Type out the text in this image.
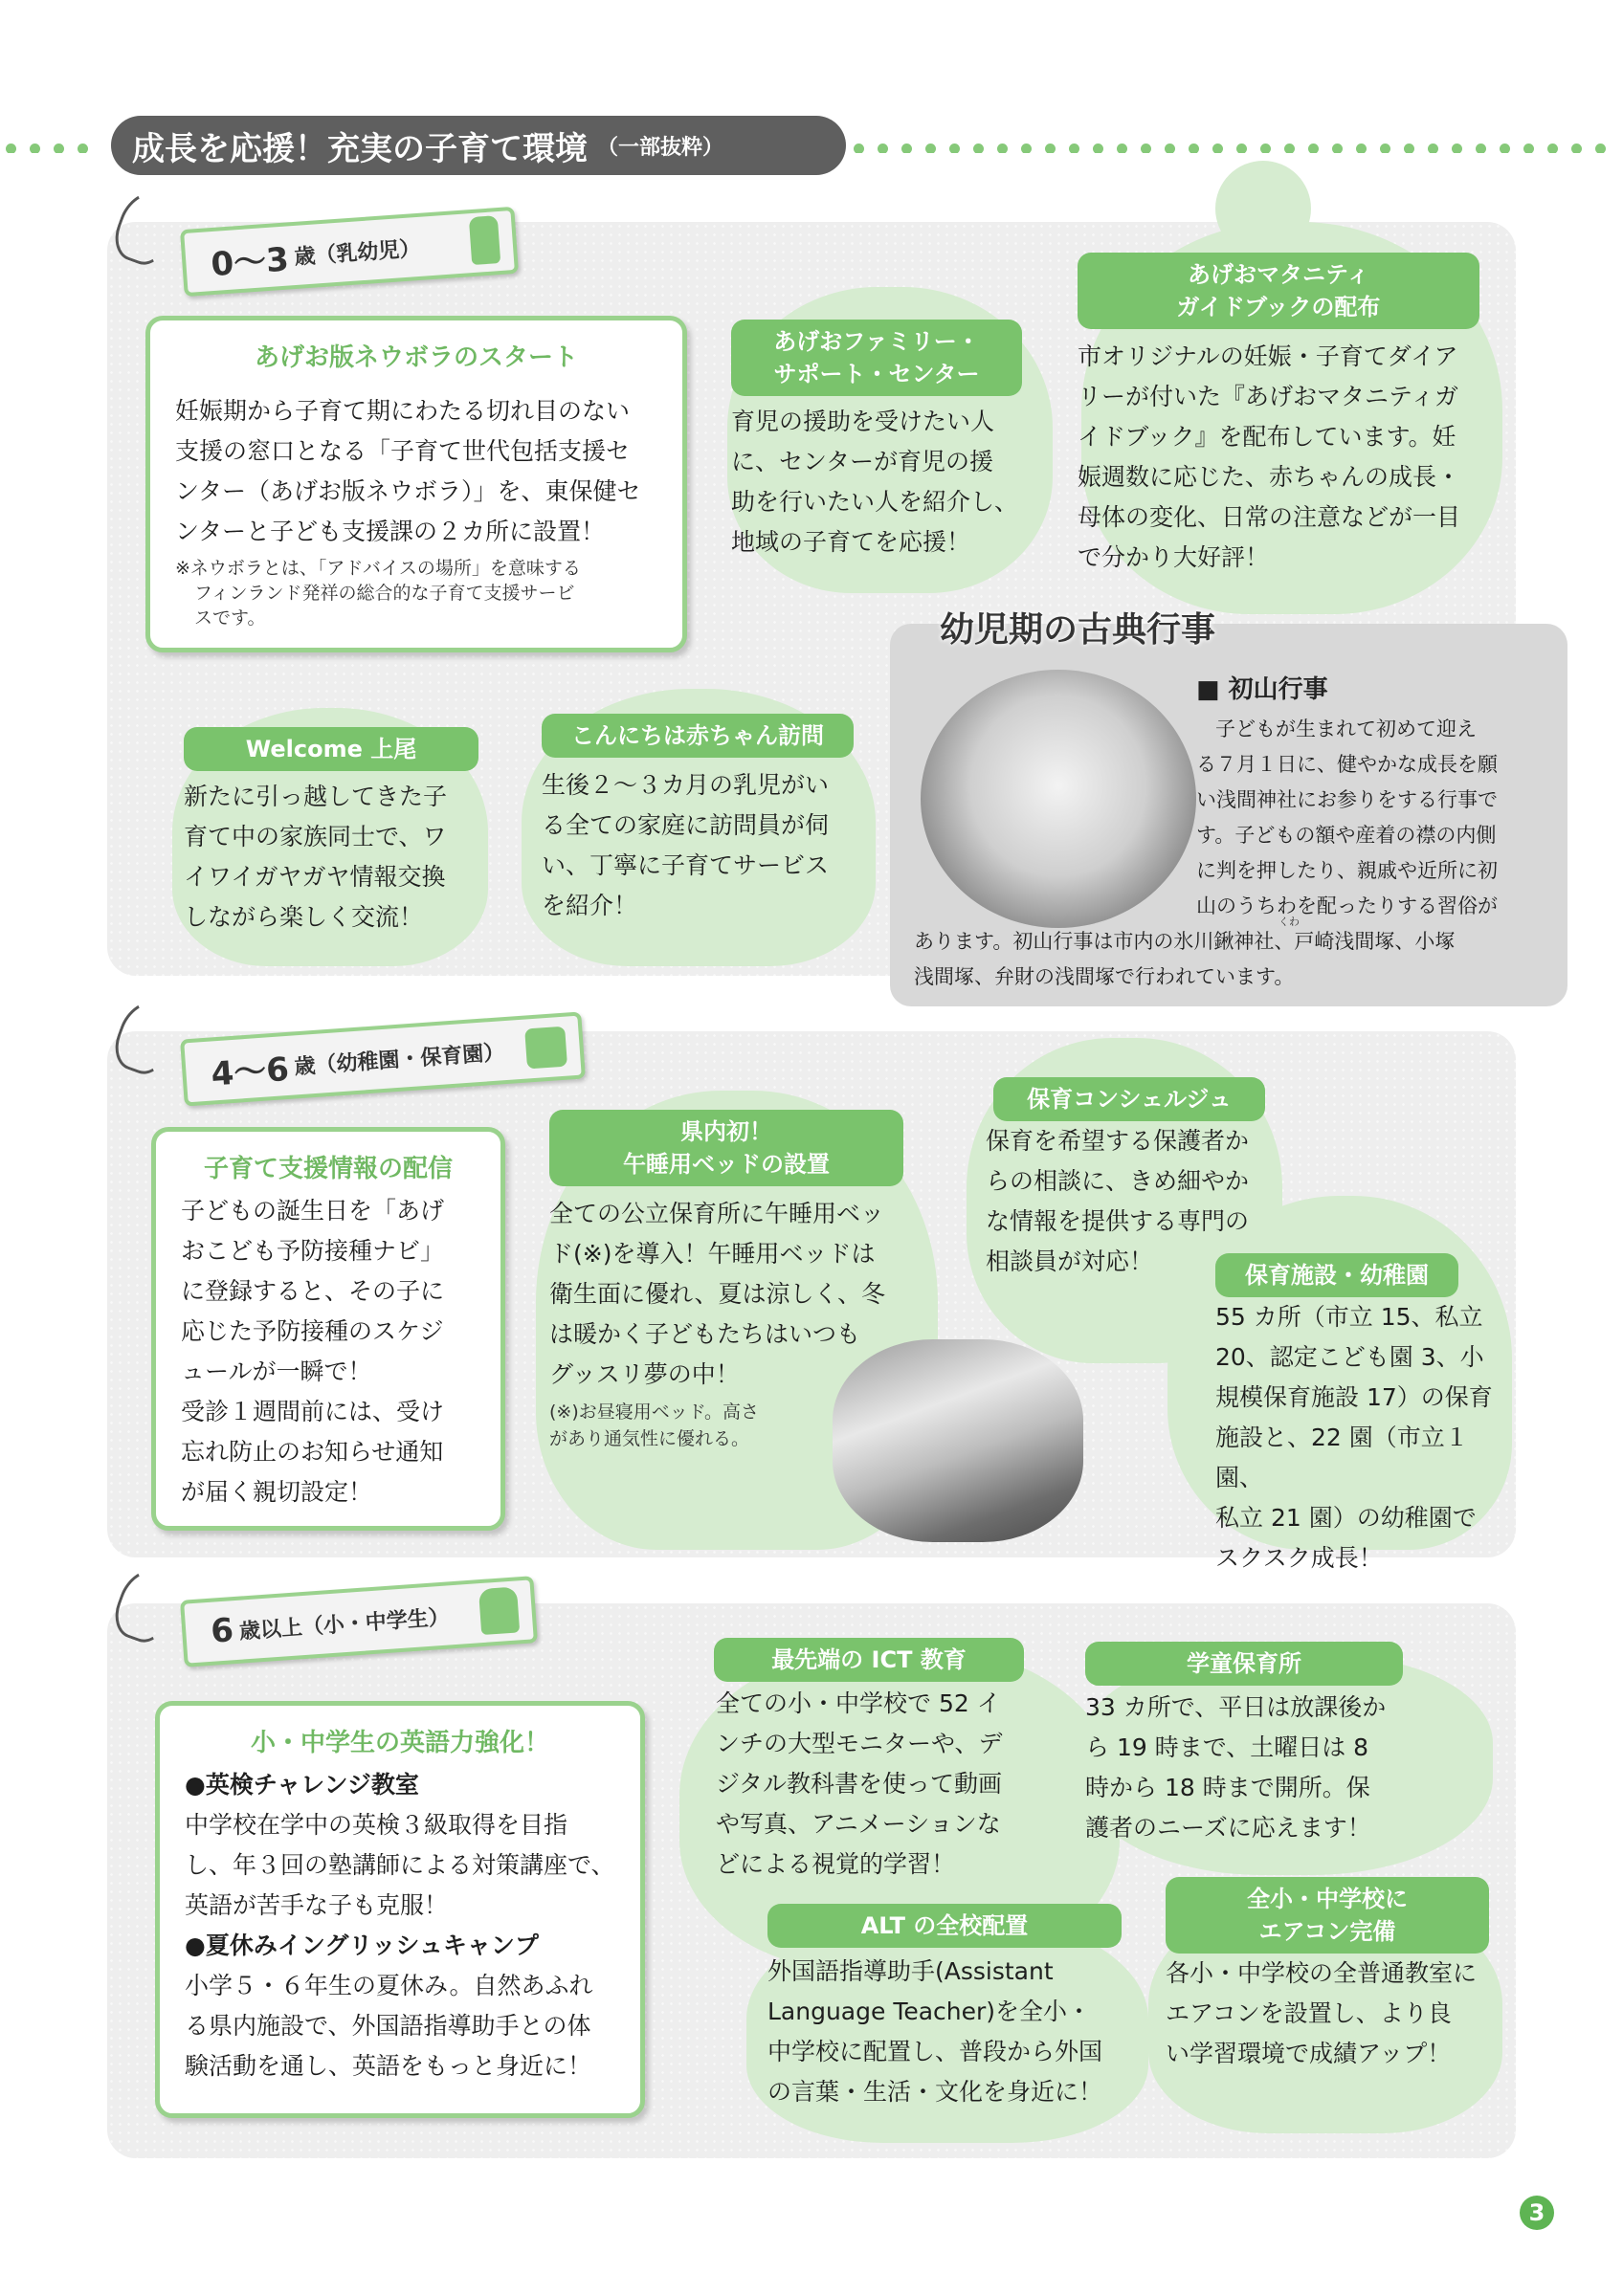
成長を応援！充実の子育て環境 （一部抜粋）
0〜3 歳（乳幼児）
あげお版ネウボラのスタート
妊娠期から子育て期にわたる切れ目のない
支援の窓口となる「子育て世代包括支援セ
ンター（あげお版ネウボラ）」を、東保健セ
ンターと子ども支援課の２カ所に設置！
※ネウボラとは、「アドバイスの場所」を意味する
フィンランド発祥の総合的な子育て支援サービ
スです。
あげおファミリー・
サポート・センター
育児の援助を受けたい人
に、センターが育児の援
助を行いたい人を紹介し、
地域の子育てを応援！
あげおマタニティ
ガイドブックの配布
市オリジナルの妊娠・子育てダイア
リーが付いた『あげおマタニティガ
イドブック』を配布しています。妊
娠週数に応じた、赤ちゃんの成長・
母体の変化、日常の注意などが一目
で分かり大好評！
Welcome 上尾
新たに引っ越してきた子
育て中の家族同士で、ワ
イワイガヤガヤ情報交換
しながら楽しく交流！
こんにちは赤ちゃん訪問
生後２〜３カ月の乳児がい
る全ての家庭に訪問員が伺
い、丁寧に子育てサービス
を紹介！
幼児期の古典行事
■ 初山行事
子どもが生まれて初めて迎え
る７月１日に、健やかな成長を願
い浅間神社にお参りをする行事で
す。子どもの額や産着の襟の内側
に判を押したり、親戚や近所に初
山のうちわを配ったりする習俗が
あります。初山行事は市内の氷川鍬神社、戸崎浅間塚、小塚
浅間塚、弁財の浅間塚で行われています。
くわ
4〜6 歳（幼稚園・保育園）
子育て支援情報の配信
子どもの誕生日を「あげ
おこども予防接種ナビ」
に登録すると、その子に
応じた予防接種のスケジ
ュールが一瞬で！
受診１週間前には、受け
忘れ防止のお知らせ通知
が届く親切設定！
県内初！
午睡用ベッドの設置
全ての公立保育所に午睡用ベッ
ド(※)を導入！午睡用ベッドは
衛生面に優れ、夏は涼しく、冬
は暖かく子どもたちはいつも
グッスリ夢の中！
(※)お昼寝用ベッド。高さ
があり通気性に優れる。
保育コンシェルジュ
保育を希望する保護者か
らの相談に、きめ細やか
な情報を提供する専門の
相談員が対応！	保育施設・幼稚園
55 カ所（市立 15、私立
20、認定こども園 3、小
規模保育施設 17）の保育
施設と、22 園（市立１園、
私立 21 園）の幼稚園で
スクスク成長！
6 歳以上（小・中学生）
小・中学生の英語力強化！
●英検チャレンジ教室
中学校在学中の英検３級取得を目指
し、年３回の塾講師による対策講座で、
英語が苦手な子も克服！
●夏休みイングリッシュキャンプ
小学５・６年生の夏休み。自然あふれ
る県内施設で、外国語指導助手との体
験活動を通し、英語をもっと身近に！
最先端の ICT 教育
全ての小・中学校で 52 イ
ンチの大型モニターや、デ
ジタル教科書を使って動画
や写真、アニメーションな
どによる視覚的学習！
学童保育所
33 カ所で、平日は放課後か
ら 19 時まで、土曜日は 8
時から 18 時まで開所。保
護者のニーズに応えます！
ALT の全校配置
外国語指導助手(Assistant
Language Teacher)を全小・
中学校に配置し、普段から外国
の言葉・生活・文化を身近に！
全小・中学校に
エアコン完備
各小・中学校の全普通教室に
エアコンを設置し、より良
い学習環境で成績アップ！
3
